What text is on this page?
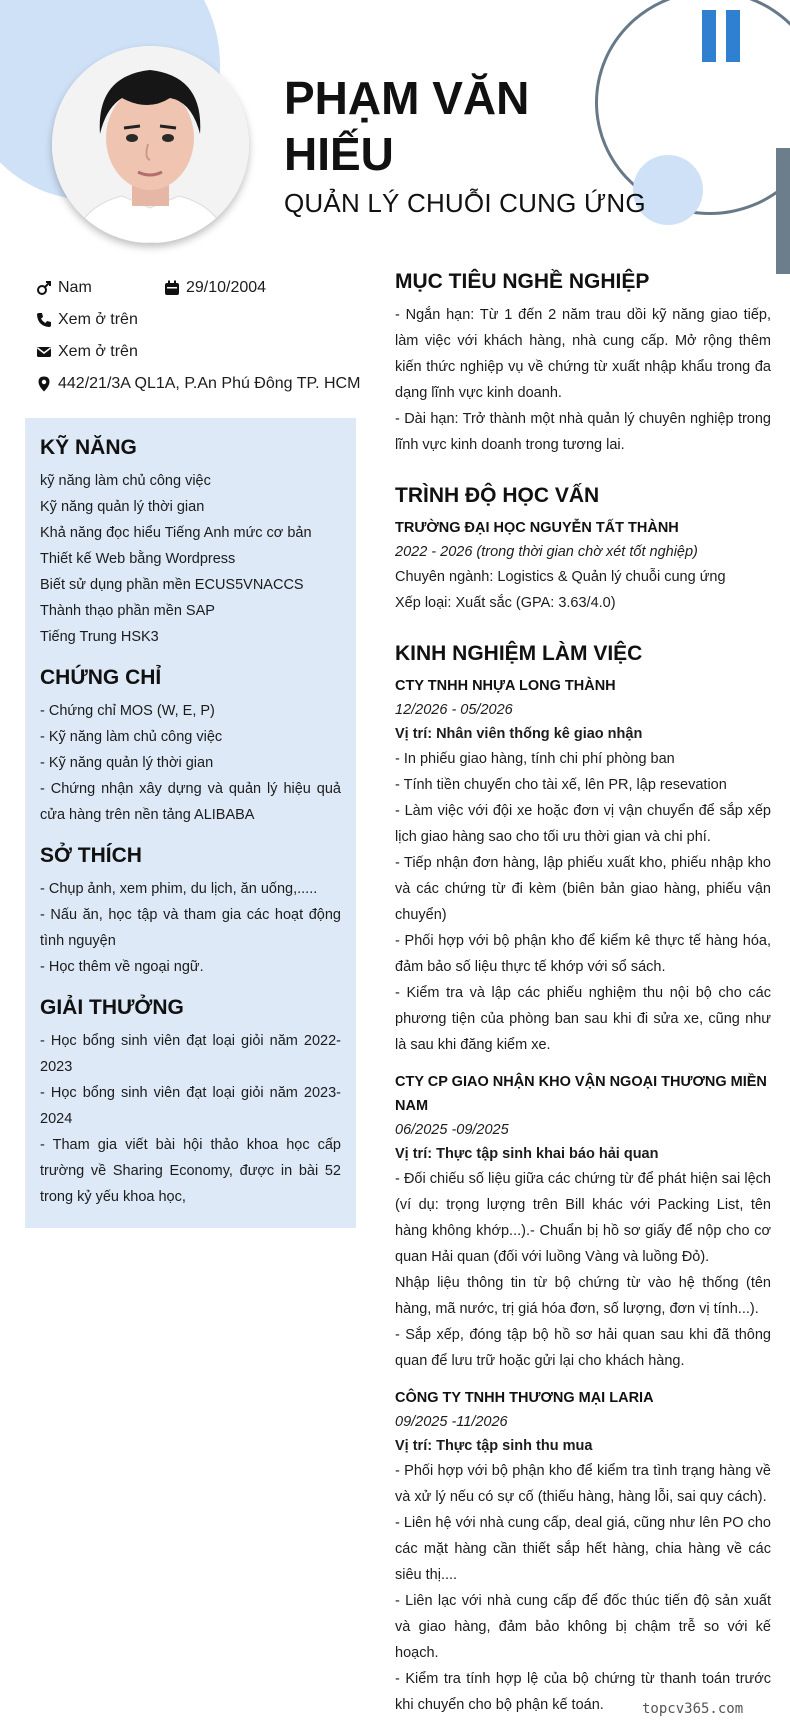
PHẠM VĂN HIẾU
QUẢN LÝ CHUỖI CUNG ỨNG
Nam	29/10/2004
Xem ở trên
Xem ở trên
442/21/3A QL1A, P.An Phú Đông TP. HCM
KỸ NĂNG
kỹ năng làm chủ công việc
Kỹ năng quản lý thời gian
Khả năng đọc hiểu Tiếng Anh mức cơ bản
Thiết kế Web bằng Wordpress
Biết sử dụng phần mền ECUS5VNACCS
Thành thạo phần mền SAP
Tiếng Trung HSK3
CHỨNG CHỈ
- Chứng chỉ MOS (W, E, P)
- Kỹ năng làm chủ công việc
- Kỹ năng quản lý thời gian
- Chứng nhận xây dựng và quản lý hiệu quả cửa hàng trên nền tảng ALIBABA
SỞ THÍCH
- Chụp ảnh, xem phim, du lịch, ăn uống,.....
- Nấu ăn, học tập và tham gia các hoạt động tình nguyện
- Học thêm về ngoại ngữ.
GIẢI THƯỞNG
- Học bổng sinh viên đạt loại giỏi năm 2022-2023
- Học bổng sinh viên đạt loại giỏi năm 2023-2024
- Tham gia viết bài hội thảo khoa học cấp trường về Sharing Economy, được in bài 52 trong kỷ yếu khoa học,
MỤC TIÊU NGHỀ NGHIỆP
- Ngắn hạn: Từ 1 đến 2 năm trau dồi kỹ năng giao tiếp, làm việc với khách hàng, nhà cung cấp. Mở rộng thêm kiến thức nghiệp vụ về chứng từ xuất nhập khẩu trong đa dạng lĩnh vực kinh doanh.
- Dài hạn: Trở thành một nhà quản lý chuyên nghiệp trong lĩnh vực kinh doanh trong tương lai.
TRÌNH ĐỘ HỌC VẤN
TRƯỜNG ĐẠI HỌC NGUYỄN TẤT THÀNH
2022 - 2026 (trong thời gian chờ xét tốt nghiệp)
Chuyên ngành: Logistics & Quản lý chuỗi cung ứng
Xếp loại: Xuất sắc (GPA: 3.63/4.0)
KINH NGHIỆM LÀM VIỆC
CTY TNHH NHỰA LONG THÀNH
12/2026 - 05/2026
Vị trí: Nhân viên thống kê giao nhận
- In phiếu giao hàng, tính chi phí phòng ban
- Tính tiền chuyến cho tài xế, lên PR, lập resevation
- Làm việc với đội xe hoặc đơn vị vận chuyển để sắp xếp lịch giao hàng sao cho tối ưu thời gian và chi phí.
- Tiếp nhận đơn hàng, lập phiếu xuất kho, phiếu nhập kho và các chứng từ đi kèm (biên bản giao hàng, phiếu vận chuyển)
- Phối hợp với bộ phận kho để kiểm kê thực tế hàng hóa, đảm bảo số liệu thực tế khớp với sổ sách.
- Kiểm tra và lập các phiếu nghiệm thu nội bộ cho các phương tiện của phòng ban sau khi đi sửa xe, cũng như là sau khi đăng kiểm xe.
CTY CP GIAO NHẬN KHO VẬN NGOẠI THƯƠNG MIỀN NAM
06/2025 -09/2025
Vị trí: Thực tập sinh khai báo hải quan
- Đối chiếu số liệu giữa các chứng từ để phát hiện sai lệch (ví dụ: trọng lượng trên Bill khác với Packing List, tên hàng không khớp...).- Chuẩn bị hồ sơ giấy để nộp cho cơ quan Hải quan (đối với luồng Vàng và luồng Đỏ).
Nhập liệu thông tin từ bộ chứng từ vào hệ thống (tên hàng, mã nước, trị giá hóa đơn, số lượng, đơn vị tính...).
- Sắp xếp, đóng tập bộ hồ sơ hải quan sau khi đã thông quan để lưu trữ hoặc gửi lại cho khách hàng.
CÔNG TY TNHH THƯƠNG MẠI LARIA
09/2025 -11/2026
Vị trí: Thực tập sinh thu mua
- Phối hợp với bộ phận kho để kiểm tra tình trạng hàng về và xử lý nếu có sự cố (thiếu hàng, hàng lỗi, sai quy cách).
- Liên hệ với nhà cung cấp, deal giá, cũng như lên PO cho các mặt hàng cần thiết sắp hết hàng, chia hàng về các siêu thị....
- Liên lạc với nhà cung cấp để đốc thúc tiến độ sản xuất và giao hàng, đảm bảo không bị chậm trễ so với kế hoạch.
- Kiểm tra tính hợp lệ của bộ chứng từ thanh toán trước khi chuyển cho bộ phận kế toán.	topcv365.com
